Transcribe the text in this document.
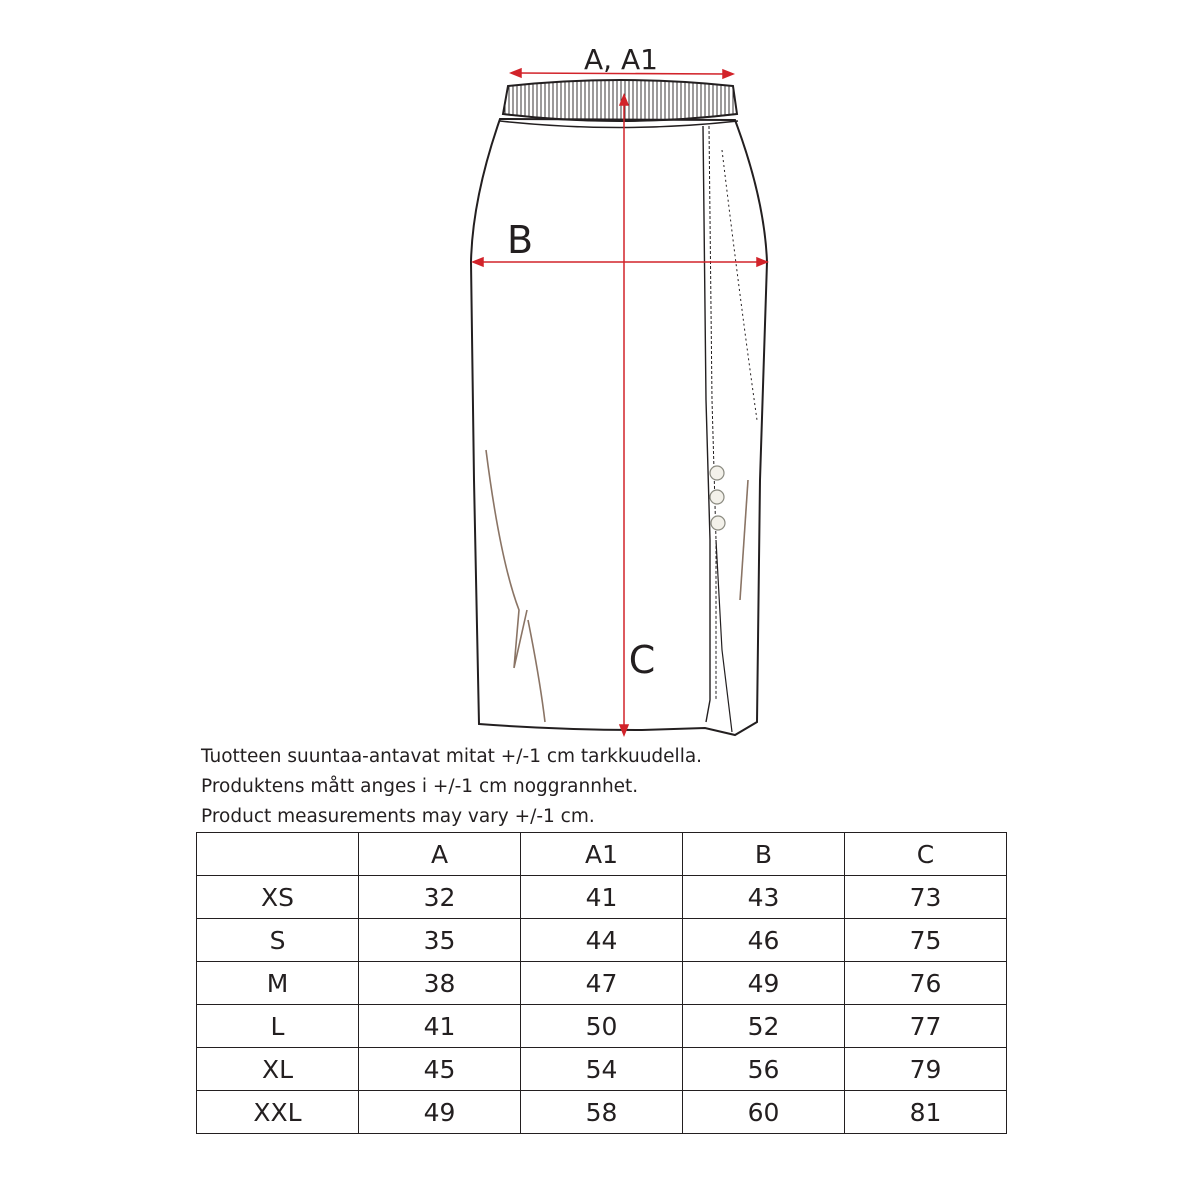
A, A1
B
C
Tuotteen suuntaa-antavat mitat +/-1 cm tarkkuudella.
Produktens mått anges i +/-1 cm noggrannhet.
Product measurements may vary +/-1 cm.
	A	A1	B	C
XS	32	41	43	73
S	35	44	46	75
M	38	47	49	76
L	41	50	52	77
XL	45	54	56	79
XXL	49	58	60	81
